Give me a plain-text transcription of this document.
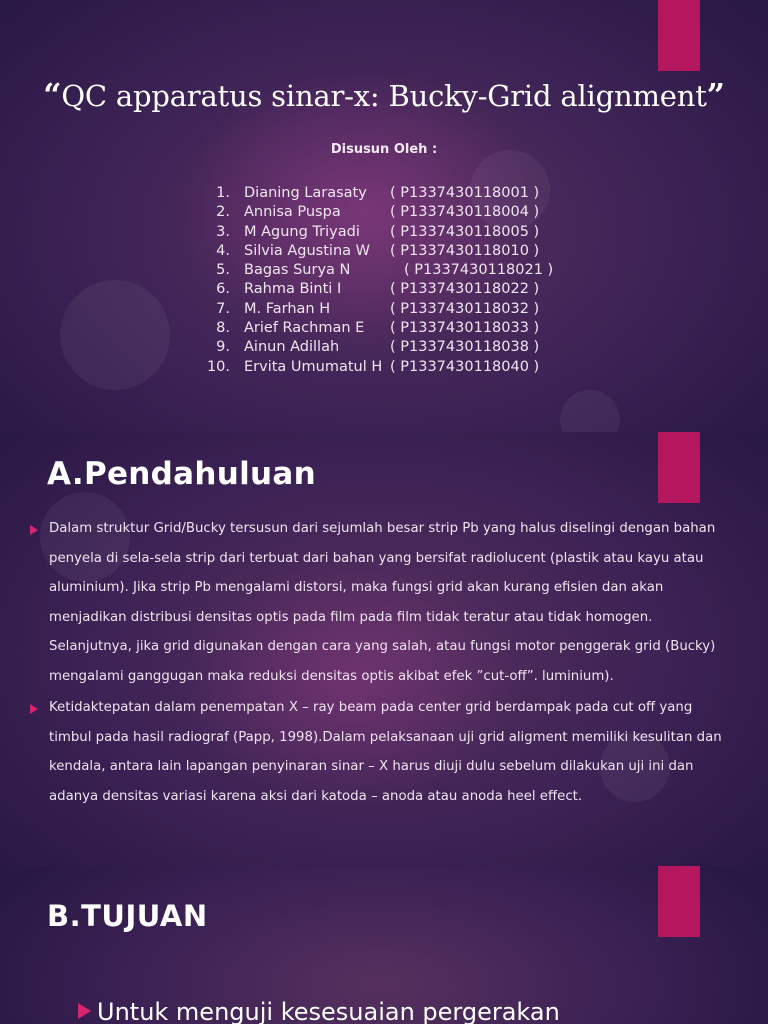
“QC apparatus sinar-x: Bucky-Grid alignment”

Disusun Oleh :

1. Dianing Larasaty	( P1337430118001 )
2. Annisa Puspa	( P1337430118004 )
3. M Agung Triyadi	( P1337430118005 )
4. Silvia Agustina W	( P1337430118010 )
5. Bagas Surya N	( P1337430118021 )
6. Rahma Binti I	( P1337430118022 )
7. M. Farhan H	( P1337430118032 )
8. Arief Rachman E	( P1337430118033 )
9. Ainun Adillah	( P1337430118038 )
10. Ervita Umumatul H ( P1337430118040 )
A.Pendahuluan
Dalam struktur Grid/Bucky tersusun dari sejumlah besar strip Pb yang halus diselingi dengan bahan penyela di sela-sela strip dari terbuat dari bahan yang bersifat radiolucent (plastik atau kayu atau aluminium). Jika strip Pb mengalami distorsi, maka fungsi grid akan kurang efisien dan akan menjadikan distribusi densitas optis pada film pada film tidak teratur atau tidak homogen. Selanjutnya, jika grid digunakan dengan cara yang salah, atau fungsi motor penggerak grid (Bucky) mengalami ganggugan maka reduksi densitas optis akibat efek ”cut-off”. luminium).
Ketidaktepatan dalam penempatan X – ray beam pada center grid berdampak pada cut off yang timbul pada hasil radiograf (Papp, 1998).Dalam pelaksanaan uji grid aligment memiliki kesulitan dan kendala, antara lain lapangan penyinaran sinar – X harus diuji dulu sebelum dilakukan uji ini dan adanya densitas variasi karena aksi dari katoda – anoda atau anoda heel effect.
B.TUJUAN
Untuk menguji kesesuaian pergerakan
